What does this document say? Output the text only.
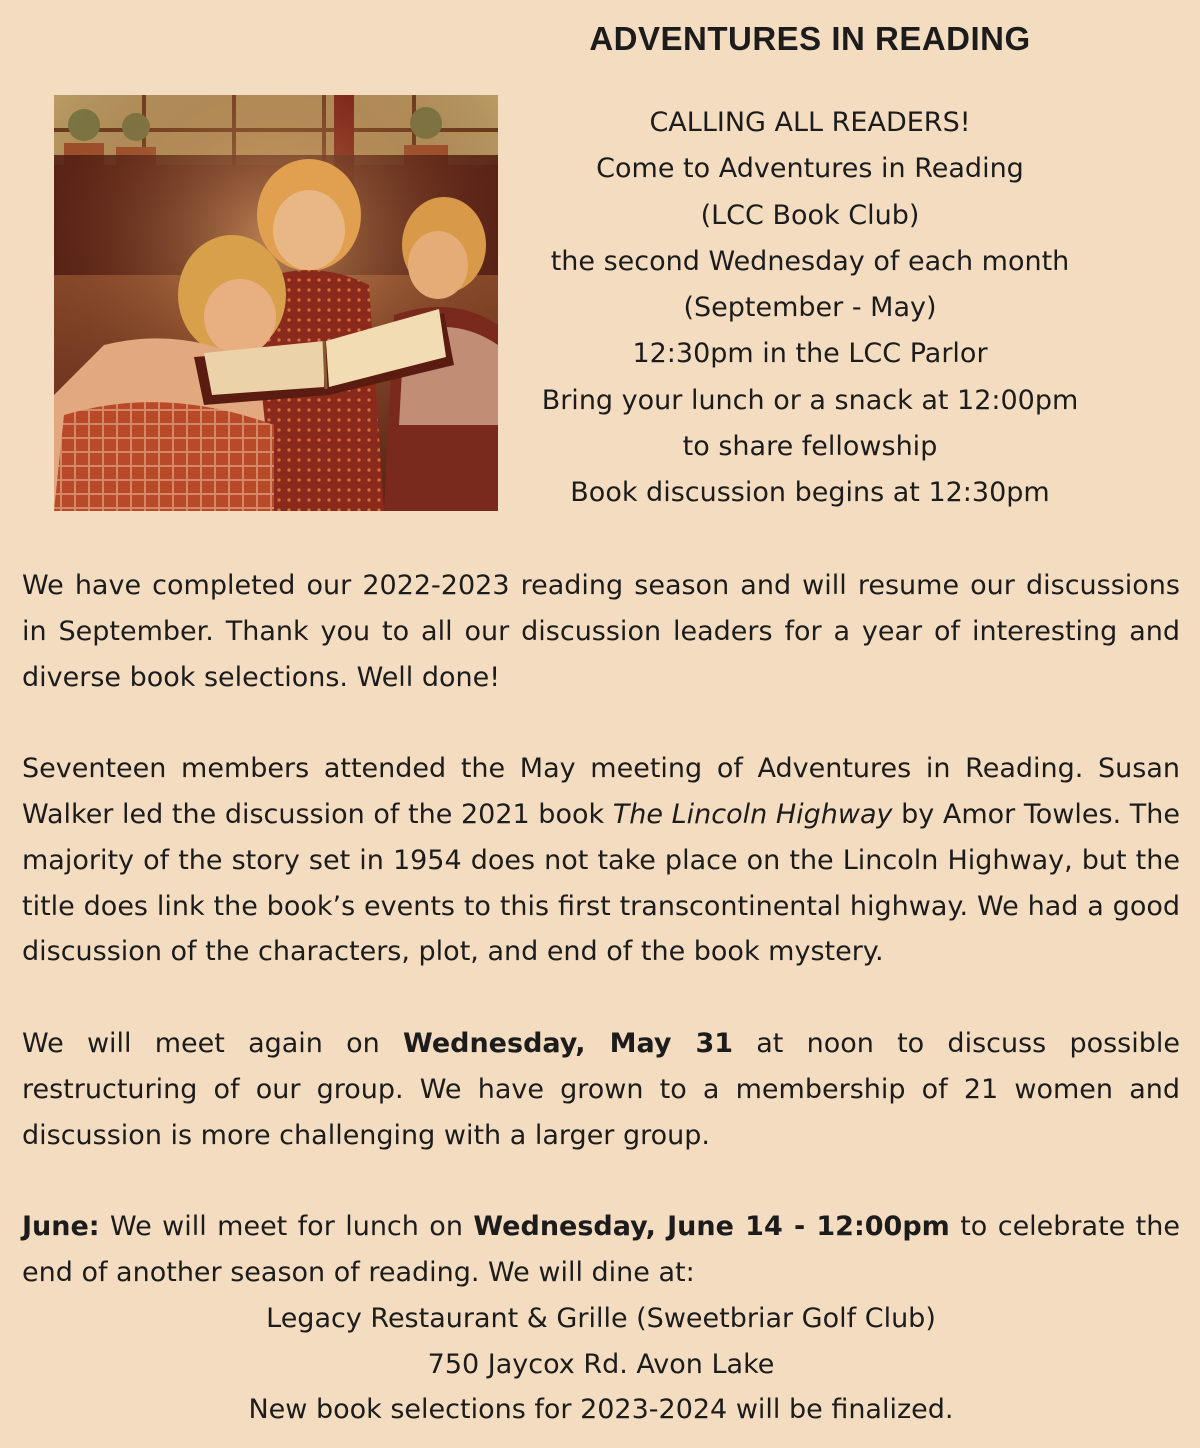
ADVENTURES IN READING
CALLING ALL READERS!
Come to Adventures in Reading
(LCC Book Club)
the second Wednesday of each month
(September - May)
12:30pm in the LCC Parlor
Bring your lunch or a snack at 12:00pm
to share fellowship
Book discussion begins at 12:30pm

We have completed our 2022-2023 reading season and will resume our discussions in September. Thank you to all our discussion leaders for a year of interesting and diverse book selections. Well done!

Seventeen members attended the May meeting of Adventures in Reading. Susan Walker led the discussion of the 2021 book The Lincoln Highway by Amor Towles. The majority of the story set in 1954 does not take place on the Lincoln Highway, but the title does link the book’s events to this first transcontinental highway. We had a good discussion of the characters, plot, and end of the book mystery.

We will meet again on Wednesday, May 31 at noon to discuss possible restructuring of our group. We have grown to a membership of 21 women and discussion is more challenging with a larger group.

June: We will meet for lunch on Wednesday, June 14 - 12:00pm to celebrate the end of another season of reading. We will dine at:

Legacy Restaurant & Grille (Sweetbriar Golf Club)
750 Jaycox Rd. Avon Lake
New book selections for 2023-2024 will be finalized.
